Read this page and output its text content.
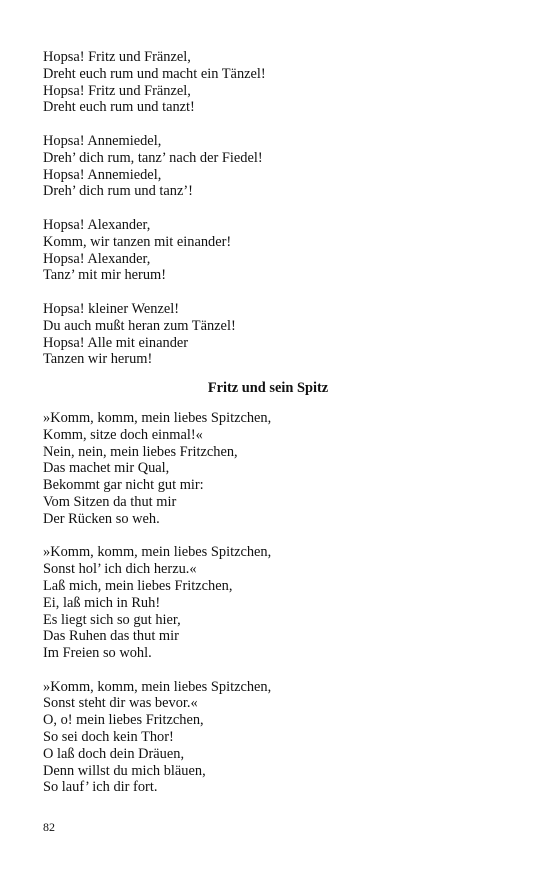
Hopsa! Fritz und Fränzel,
Dreht euch rum und macht ein Tänzel!
Hopsa! Fritz und Fränzel,
Dreht euch rum und tanzt!
Hopsa! Annemiedel,
Dreh’ dich rum, tanz’ nach der Fiedel!
Hopsa! Annemiedel,
Dreh’ dich rum und tanz’!
Hopsa! Alexander,
Komm, wir tanzen mit einander!
Hopsa! Alexander,
Tanz’ mit mir herum!
Hopsa! kleiner Wenzel!
Du auch mußt heran zum Tänzel!
Hopsa! Alle mit einander
Tanzen wir herum!
Fritz und sein Spitz
»Komm, komm, mein liebes Spitzchen,
Komm, sitze doch einmal!«
Nein, nein, mein liebes Fritzchen,
Das machet mir Qual,
Bekommt gar nicht gut mir:
Vom Sitzen da thut mir
Der Rücken so weh.
»Komm, komm, mein liebes Spitzchen,
Sonst hol’ ich dich herzu.«
Laß mich, mein liebes Fritzchen,
Ei, laß mich in Ruh!
Es liegt sich so gut hier,
Das Ruhen das thut mir
Im Freien so wohl.
»Komm, komm, mein liebes Spitzchen,
Sonst steht dir was bevor.«
O, o! mein liebes Fritzchen,
So sei doch kein Thor!
O laß doch dein Dräuen,
Denn willst du mich bläuen,
So lauf’ ich dir fort.
82
